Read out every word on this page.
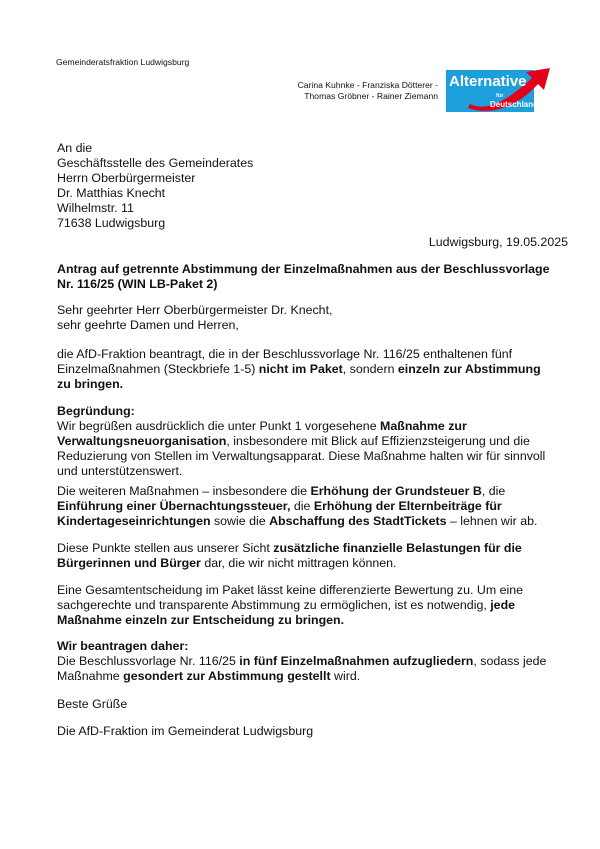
Gemeinderatsfraktion Ludwigsburg
Carina Kuhnke - Franziska Dötterer -
Thomas Gröbner - Rainer Ziemann
Alternative
für
Deutschland
An die
Geschäftsstelle des Gemeinderates
Herrn Oberbürgermeister
Dr. Matthias Knecht
Wilhelmstr. 11
71638 Ludwigsburg
Ludwigsburg, 19.05.2025
Antrag auf getrennte Abstimmung der Einzelmaßnahmen aus der Beschlussvorlage
Nr. 116/25 (WIN LB-Paket 2)
Sehr geehrter Herr Oberbürgermeister Dr. Knecht,
sehr geehrte Damen und Herren,
die AfD-Fraktion beantragt, die in der Beschlussvorlage Nr. 116/25 enthaltenen fünf
Einzelmaßnahmen (Steckbriefe 1-5) nicht im Paket, sondern einzeln zur Abstimmung
zu bringen.
Begründung:
Wir begrüßen ausdrücklich die unter Punkt 1 vorgesehene Maßnahme zur
Verwaltungsneuorganisation, insbesondere mit Blick auf Effizienzsteigerung und die
Reduzierung von Stellen im Verwaltungsapparat. Diese Maßnahme halten wir für sinnvoll
und unterstützenswert.
Die weiteren Maßnahmen – insbesondere die Erhöhung der Grundsteuer B, die
Einführung einer Übernachtungssteuer, die Erhöhung der Elternbeiträge für
Kindertageseinrichtungen sowie die Abschaffung des StadtTickets – lehnen wir ab.
Diese Punkte stellen aus unserer Sicht zusätzliche finanzielle Belastungen für die
Bürgerinnen und Bürger dar, die wir nicht mittragen können.
Eine Gesamtentscheidung im Paket lässt keine differenzierte Bewertung zu. Um eine
sachgerechte und transparente Abstimmung zu ermöglichen, ist es notwendig, jede
Maßnahme einzeln zur Entscheidung zu bringen.
Wir beantragen daher:
Die Beschlussvorlage Nr. 116/25 in fünf Einzelmaßnahmen aufzugliedern, sodass jede
Maßnahme gesondert zur Abstimmung gestellt wird.
Beste Grüße
Die AfD-Fraktion im Gemeinderat Ludwigsburg
